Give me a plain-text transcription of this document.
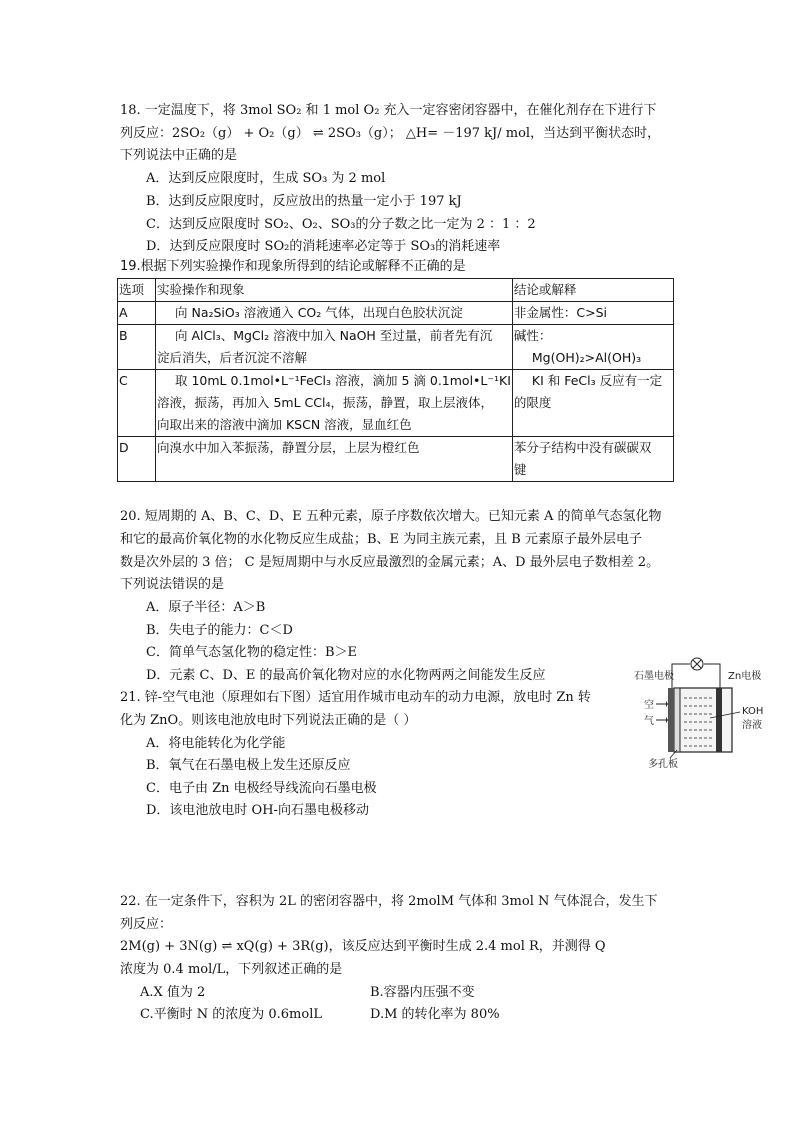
18. 一定温度下，将 3mol SO₂ 和 1 mol O₂ 充入一定容密闭容器中，在催化剂存在下进行下
列反应：2SO₂（g） + O₂（g） ⇌ 2SO₃（g）； △H= －197 kJ/ mol，当达到平衡状态时，
下列说法中正确的是
A．达到反应限度时，生成 SO₃ 为 2 mol
B．达到反应限度时，反应放出的热量一定小于 197 kJ
C．达到反应限度时 SO₂、O₂、SO₃的分子数之比一定为 2 ：1 ：2
D．达到反应限度时 SO₂的消耗速率必定等于 SO₃的消耗速率
19.根据下列实验操作和现象所得到的结论或解释不正确的是
选项	实验操作和现象	结论或解释
A	向 Na₂SiO₃ 溶液通入 CO₂ 气体，出现白色胶状沉淀	非金属性：C>Si
B	向 AlCl₃、MgCl₂ 溶液中加入 NaOH 至过量，前者先有沉
淀后消失，后者沉淀不溶解	碱性：
Mg(OH)₂>Al(OH)₃
C	取 10mL 0.1mol•L⁻¹FeCl₃ 溶液，滴加 5 滴 0.1mol•L⁻¹KI
溶液，振荡，再加入 5mL CCl₄，振荡，静置，取上层液体，
向取出来的溶液中滴加 KSCN 溶液，显血红色	KI 和 FeCl₃ 反应有一定
的限度
D	向溴水中加入苯振荡，静置分层，上层为橙红色	苯分子结构中没有碳碳双
键
20. 短周期的 A、B、C、D、E 五种元素，原子序数依次增大。已知元素 A 的简单气态氢化物
和它的最高价氧化物的水化物反应生成盐；B、E 为同主族元素，且 B 元素原子最外层电子
数是次外层的 3 倍； C 是短周期中与水反应最激烈的金属元素；A、D 最外层电子数相差 2。
下列说法错误的是
A．原子半径：A＞B
B．失电子的能力：C＜D
C．简单气态氢化物的稳定性：B＞E
D．元素 C、D、E 的最高价氧化物对应的水化物两两之间能发生反应
21. 锌-空气电池（原理如右下图）适宜用作城市电动车的动力电源，放电时 Zn 转
化为 ZnO。则该电池放电时下列说法正确的是（ ）
A．将电能转化为化学能
B．氧气在石墨电极上发生还原反应
C．电子由 Zn 电极经导线流向石墨电极
D．该电池放电时 OH-向石墨电极移动
石墨电极	Zn电极
空
气
KOH
溶液
多孔板
22. 在一定条件下，容积为 2L 的密闭容器中，将 2molM 气体和 3mol N 气体混合，发生下
列反应：
2M(g) + 3N(g) ⇌ xQ(g) + 3R(g)，该反应达到平衡时生成 2.4 mol R，并测得 Q
浓度为 0.4 mol/L，下列叙述正确的是
A.X 值为 2	B.容器内压强不变
C.平衡时 N 的浓度为 0.6molL	D.M 的转化率为 80%
